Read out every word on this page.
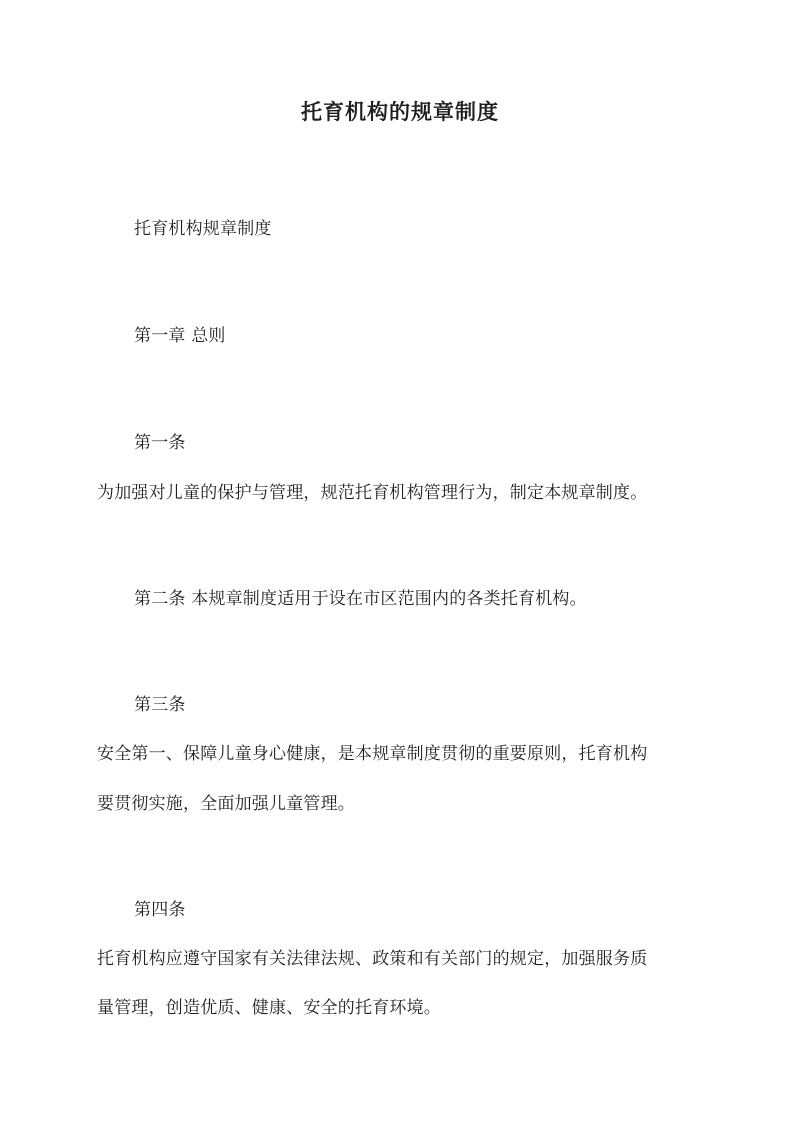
托育机构的规章制度
托育机构规章制度
第一章 总则
第一条
为加强对儿童的保护与管理，规范托育机构管理行为，制定本规章制度。
第二条 本规章制度适用于设在市区范围内的各类托育机构。
第三条
安全第一、保障儿童身心健康，是本规章制度贯彻的重要原则，托育机构
要贯彻实施，全面加强儿童管理。
第四条
托育机构应遵守国家有关法律法规、政策和有关部门的规定，加强服务质
量管理，创造优质、健康、安全的托育环境。
